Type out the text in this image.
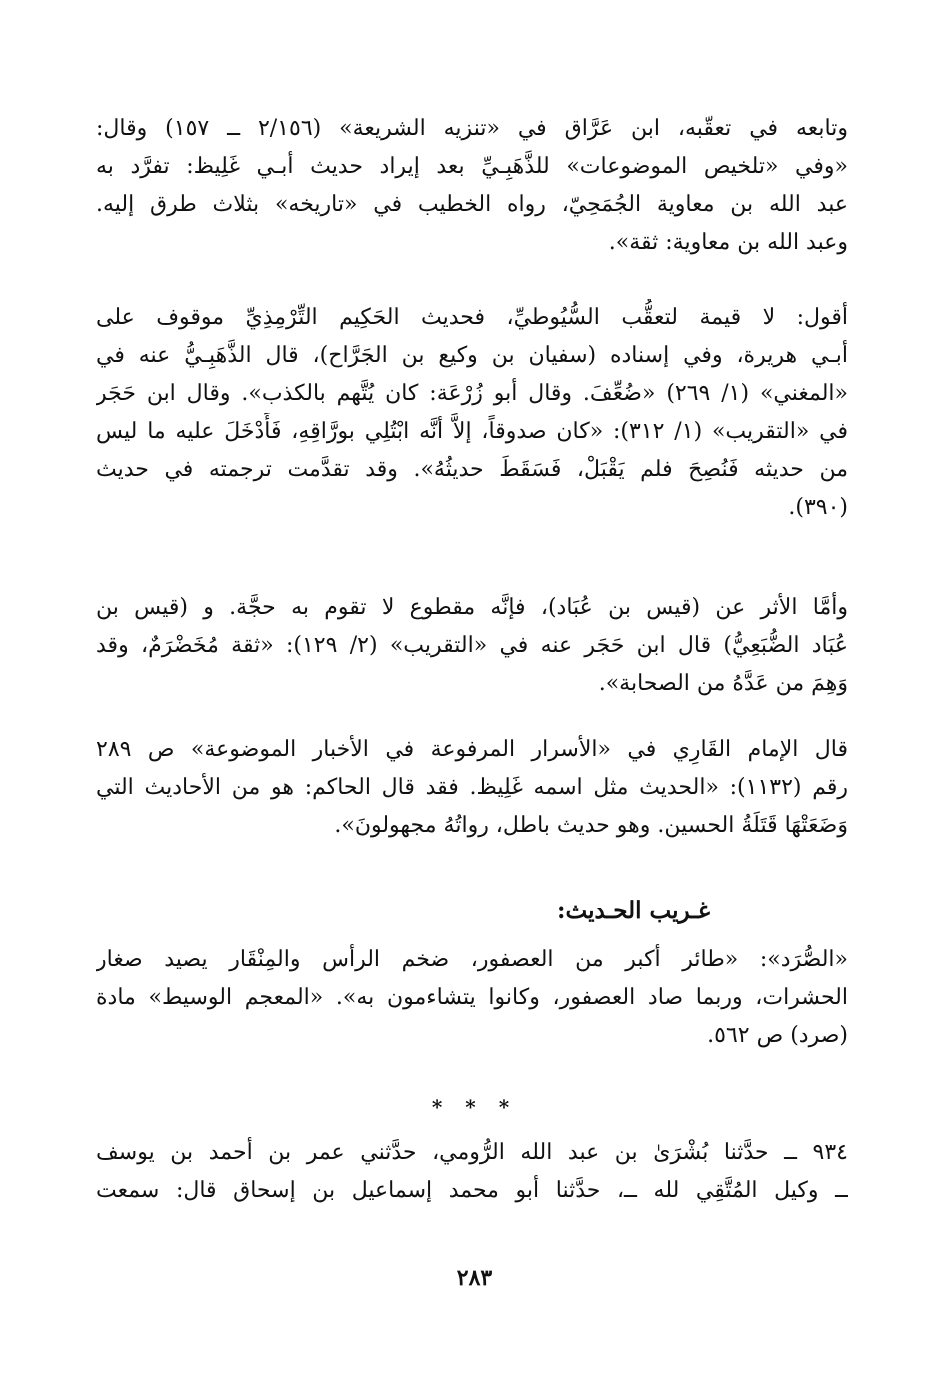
وتابعه في تعقّبه، ابن عَرَّاق في «تنزيه الشريعة» (٢/١٥٦ ــ ١٥٧) وقال:
«وفي «تلخيص الموضوعات» للذَّهَبِـيِّ بعد إيراد حديث أبـي غَلِيظ: تفرَّد به
عبد الله بن معاوية الجُمَحِيّ، رواه الخطيب في «تاريخه» بثلاث طرق إليه.
وعبد الله بن معاوية: ثقة».
أقول: لا قيمة لتعقُّب السُّيُوطيِّ، فحديث الحَكِيم التِّرْمِذِيِّ موقوف على
أبـي هريرة، وفي إسناده (سفيان بن وكيع بن الجَرَّاح)، قال الذَّهَبِـيُّ عنه في
«المغني» (١/ ٢٦٩) «ضُعِّفَ. وقال أبو زُرْعَة: كان يُتَّهم بالكذب». وقال ابن حَجَر
في «التقريب» (١/ ٣١٢): «كان صدوقاً، إلاَّ أنَّه ابْتُلِي بورَّاقِهِ، فَأَدْخَلَ عليه ما ليس
من حديثه فَنُصِحَ فلم يَقْبَلْ، فَسَقَطَ حديثُهُ». وقد تقدَّمت ترجمته في حديث
(٣٩٠).
وأمَّا الأثر عن (قيس بن عُبَاد)، فإنَّه مقطوع لا تقوم به حجَّة. و (قيس بن
عُبَاد الضُّبَعِيُّ) قال ابن حَجَر عنه في «التقريب» (٢/ ١٢٩): «ثقة مُخَضْرَمٌ، وقد
وَهِمَ من عَدَّهُ من الصحابة».
قال الإمام القَارِي في «الأسرار المرفوعة في الأخبار الموضوعة» ص ٢٨٩
رقم (١١٣٢): «الحديث مثل اسمه غَلِيظ. فقد قال الحاكم: هو من الأحاديث التي
وَضَعَتْهَا قَتَلَةُ الحسين. وهو حديث باطل، رواتُهُ مجهولونَ».
غـريب الحـديث:
«الصُّرَد»: «طائر أكبر من العصفور، ضخم الرأس والمِنْقَار يصيد صغار
الحشرات، وربما صاد العصفور، وكانوا يتشاءمون به». «المعجم الوسيط» مادة
(صرد) ص ٥٦٢.
* * *
٩٣٤ ــ حدَّثنا بُشْرَىٰ بن عبد الله الرُّومي، حدَّثني عمر بن أحمد بن يوسف
ــ وكيل المُتَّقِي لله ــ، حدَّثنا أبو محمد إسماعيل بن إسحاق قال: سمعت
٢٨٣
